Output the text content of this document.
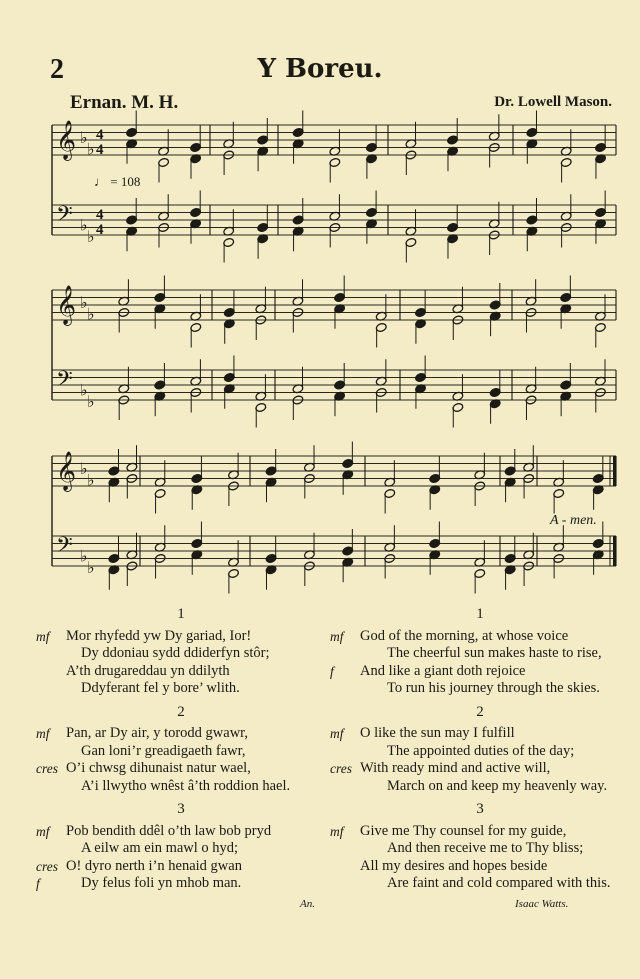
2	Y Boreu.
Ernan. M. H.	Dr. Lowell Mason.
𝄞 ♭
♭
4
4
𝄢 ♭
♭
4
4
𝄞 ♭
♭
𝄢 ♭
♭
𝄞 ♭
♭
𝄢 ♭
♭
♩ = 108
A - men.
1
mf Mor rhyfedd yw Dy gariad, Ior!
Dy ddoniau sydd ddiderfyn stôr;
A’th drugareddau yn ddilyth
Ddyferant fel y bore’ wlith.
2
mf Pan, ar Dy air, y torodd gwawr,
Gan loni’r greadigaeth fawr,
cres O’i chwsg dihunaist natur wael,
A’i llwytho wnêst â’th roddion hael.
3
mf Pob bendith ddêl o’th law bob pryd
A eilw am ein mawl o hyd;
cres O! dyro nerth i’n henaid gwan
f	Dy felus foli yn mhob man.
1
mf God of the morning, at whose voice
The cheerful sun makes haste to rise,
f And like a giant doth rejoice
To run his journey through the skies.
2
mf O like the sun may I fulfill
The appointed duties of the day;
cres With ready mind and active will,
March on and keep my heavenly way.
3
mf Give me Thy counsel for my guide,
And then receive me to Thy bliss;
All my desires and hopes beside
Are faint and cold compared with this.
An.	Isaac Watts.
